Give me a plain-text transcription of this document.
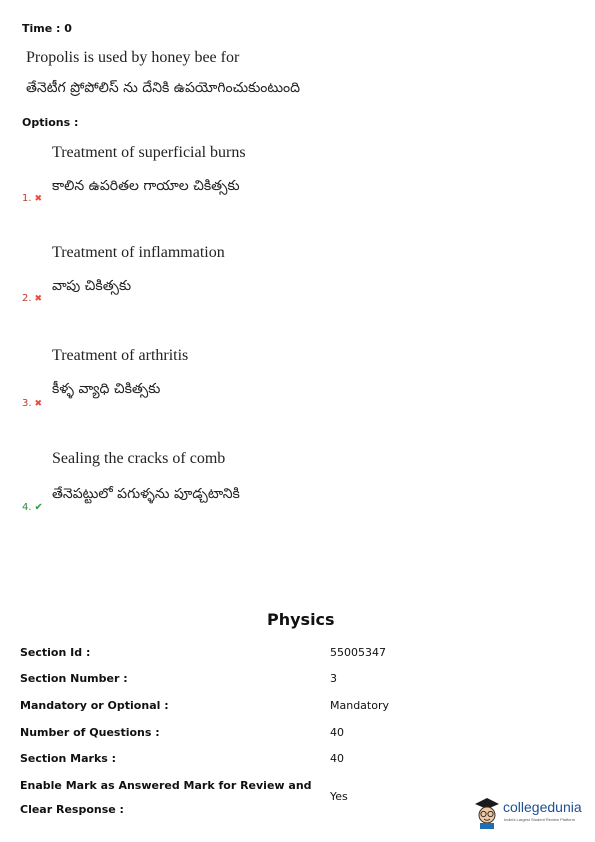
Time : 0
Propolis is used by honey bee for
తేనెటీగ ప్రోపోలిస్ ను దేనికి ఉపయోగించుకుంటుంది
Options :
Treatment of superficial burns
కాలిన ఉపరితల గాయాల చికిత్సకు
1. ✖
Treatment of inflammation
వాపు చికిత్సకు
2. ✖
Treatment of arthritis
కీళ్ళ వ్యాధి చికిత్సకు
3. ✖
Sealing the cracks of comb
తేనెపట్టులో పగుళ్ళను పూడ్చటానికి
4. ✔
Physics
Section Id :	55005347
Section Number :	3
Mandatory or Optional :	Mandatory
Number of Questions :	40
Section Marks :	40
Enable Mark as Answered Mark for Review and
Clear Response :
Yes
collegedunia
India's Largest Student Review Platform
